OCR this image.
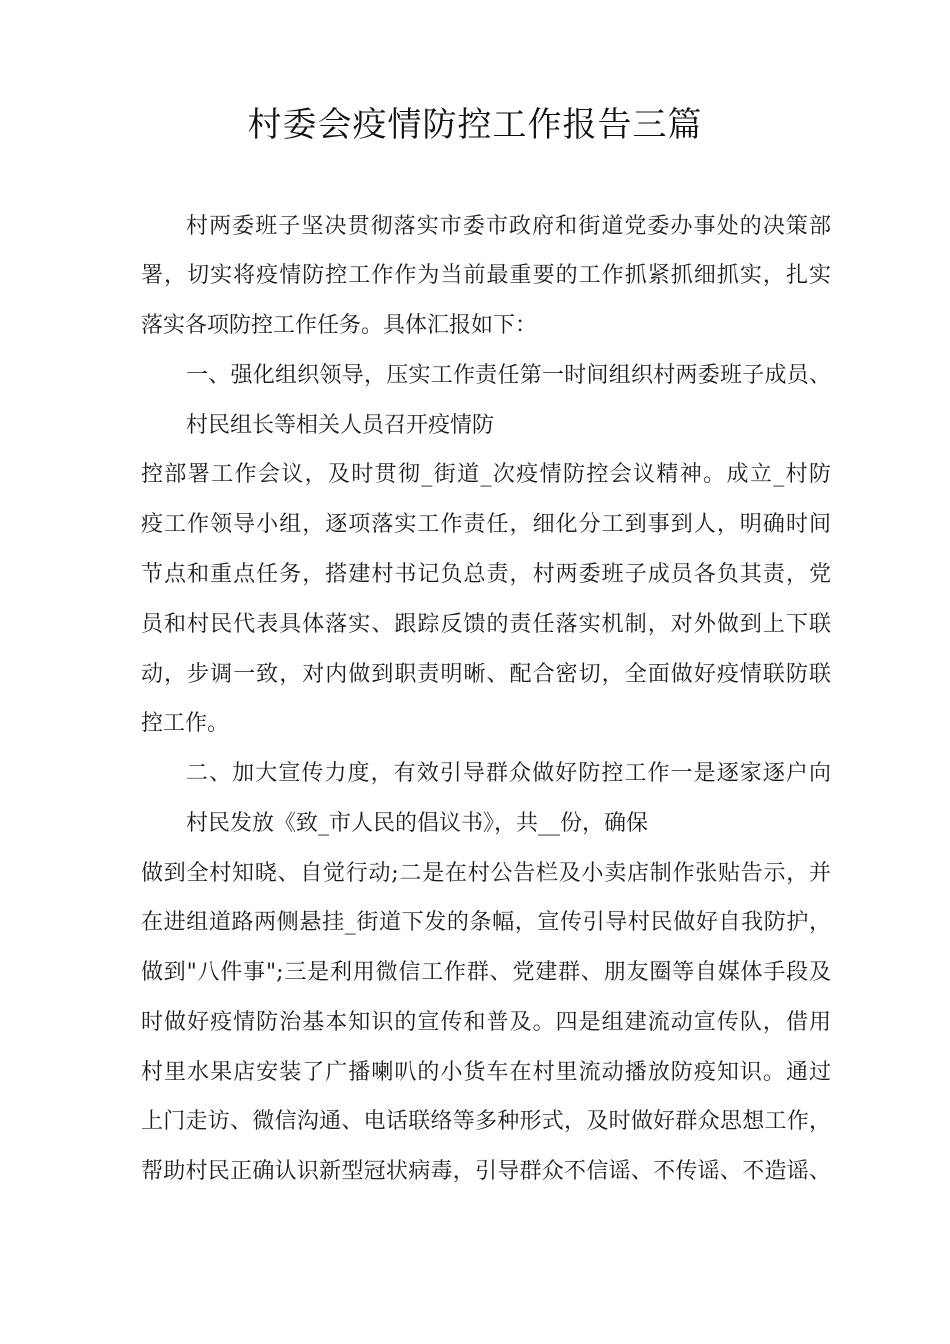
村委会疫情防控工作报告三篇
村两委班子坚决贯彻落实市委市政府和街道党委办事处的决策部
署，切实将疫情防控工作作为当前最重要的工作抓紧抓细抓实，扎实
落实各项防控工作任务。具体汇报如下：
一、强化组织领导，压实工作责任第一时间组织村两委班子成员、
村民组长等相关人员召开疫情防
控部署工作会议，及时贯彻_街道_次疫情防控会议精神。成立_村防
疫工作领导小组，逐项落实工作责任，细化分工到事到人，明确时间
节点和重点任务，搭建村书记负总责，村两委班子成员各负其责，党
员和村民代表具体落实、跟踪反馈的责任落实机制，对外做到上下联
动，步调一致，对内做到职责明晰、配合密切，全面做好疫情联防联
控工作。
二、加大宣传力度，有效引导群众做好防控工作一是逐家逐户向
村民发放《致_市人民的倡议书》，共__份，确保
做到全村知晓、自觉行动;二是在村公告栏及小卖店制作张贴告示，并
在进组道路两侧悬挂_街道下发的条幅，宣传引导村民做好自我防护，
做到"八件事";三是利用微信工作群、党建群、朋友圈等自媒体手段及
时做好疫情防治基本知识的宣传和普及。四是组建流动宣传队，借用
村里水果店安装了广播喇叭的小货车在村里流动播放防疫知识。通过
上门走访、微信沟通、电话联络等多种形式，及时做好群众思想工作，
帮助村民正确认识新型冠状病毒，引导群众不信谣、不传谣、不造谣、
